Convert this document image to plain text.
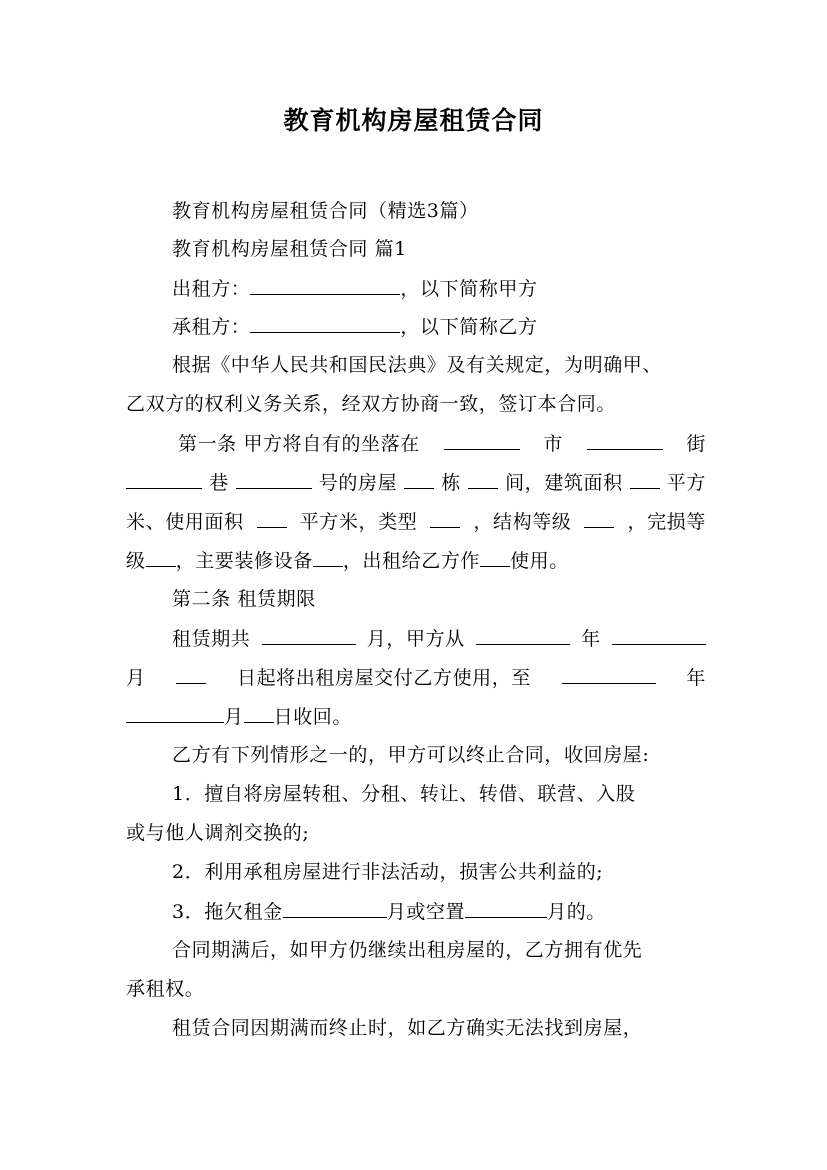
教育机构房屋租赁合同
教育机构房屋租赁合同（精选3篇）
教育机构房屋租赁合同 篇1
出租方：	，以下简称甲方
承租方：	，以下简称乙方
根据《中华人民共和国民法典》及有关规定，为明确甲、
乙双方的权利义务关系，经双方协商一致，签订本合同。
第一条 甲方将自有的坐落在	市	街
巷	号的房屋 栋 间，建筑面积 平方
米、使用面积	平方米，类型	，结构等级	，完损等
级 ，主要装修设备 ，出租给乙方作 使用。
第二条 租赁期限
租赁期共	月，甲方从	年
月	日起将出租房屋交付乙方使用，至	年
月 日收回。
乙方有下列情形之一的，甲方可以终止合同，收回房屋:
1．擅自将房屋转租、分租、转让、转借、联营、入股
或与他人调剂交换的;
2．利用承租房屋进行非法活动，损害公共利益的;
3．拖欠租金	月或空置	月的。
合同期满后，如甲方仍继续出租房屋的，乙方拥有优先
承租权。
租赁合同因期满而终止时，如乙方确实无法找到房屋，
